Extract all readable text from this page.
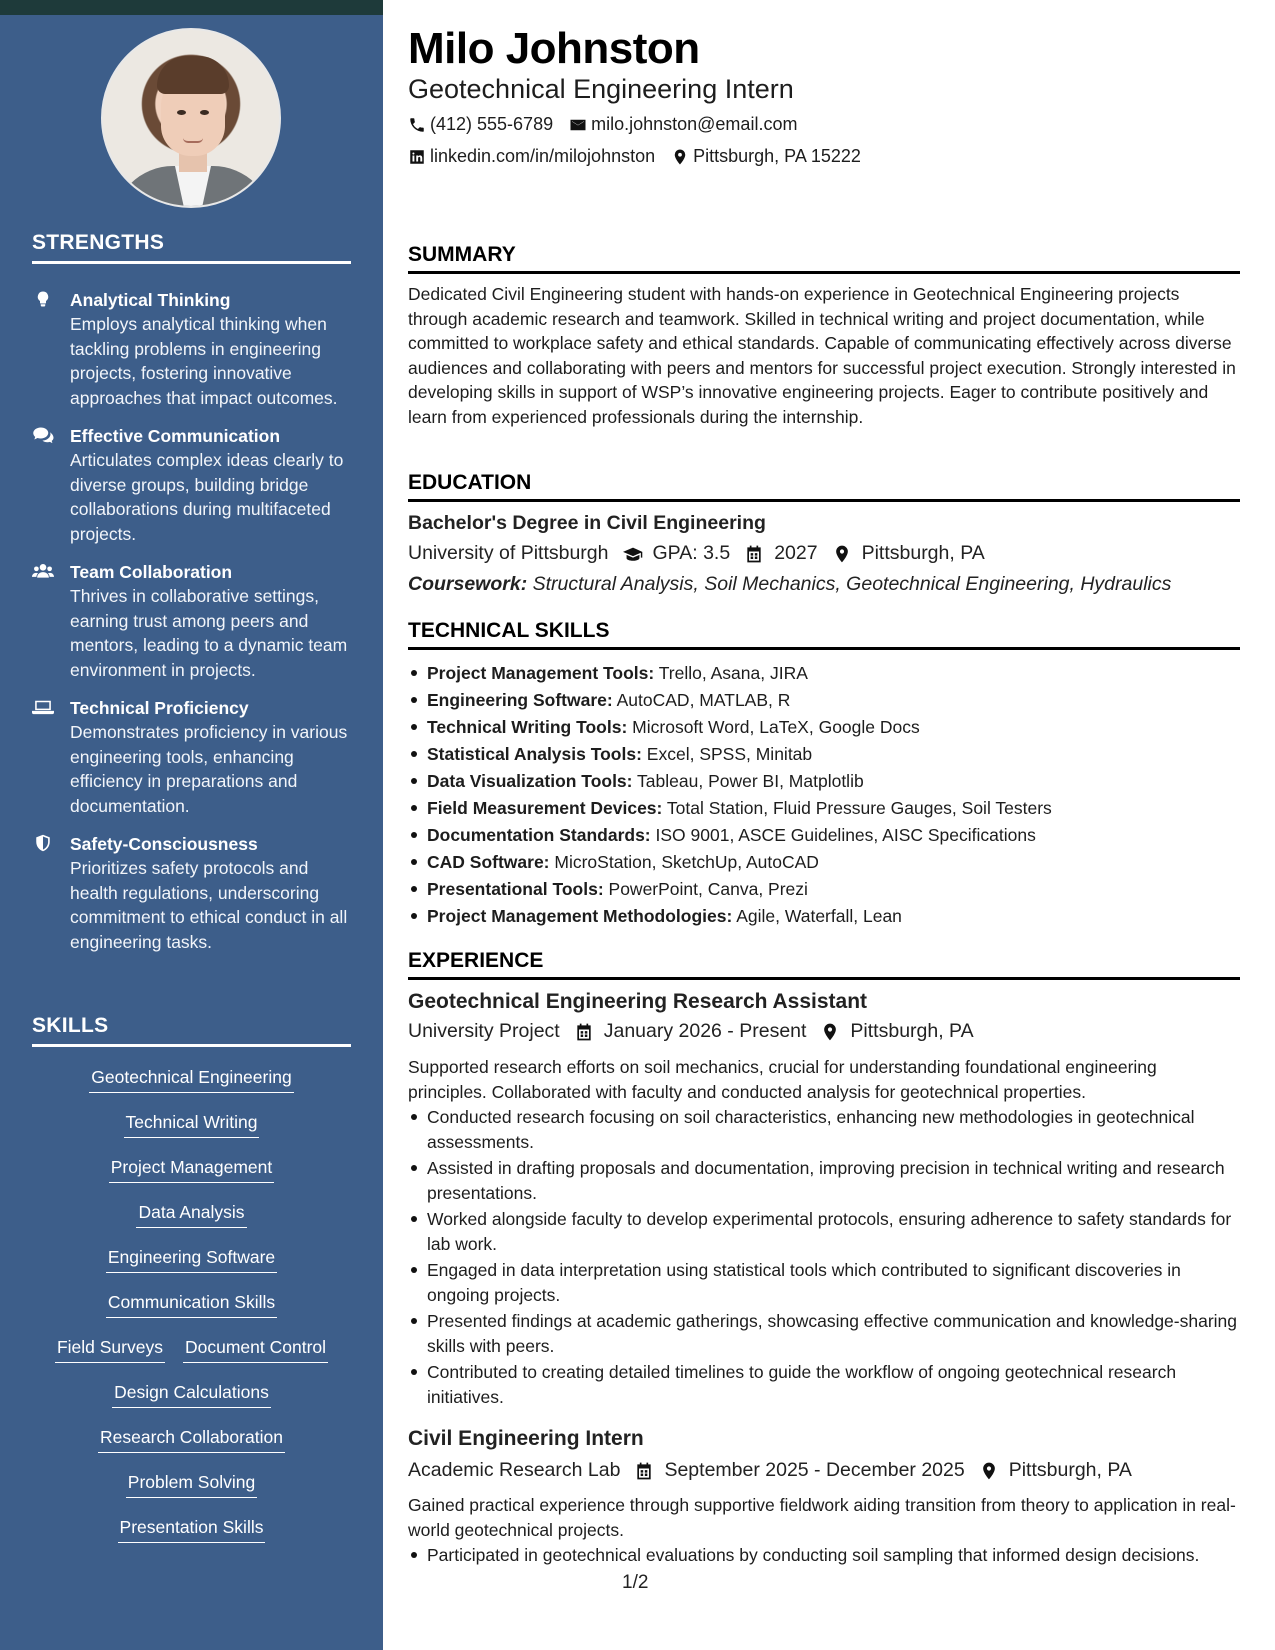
STRENGTHS
Analytical Thinking
Employs analytical thinking when tackling problems in engineering projects, fostering innovative approaches that impact outcomes.
Effective Communication
Articulates complex ideas clearly to diverse groups, building bridge collaborations during multifaceted projects.
Team Collaboration
Thrives in collaborative settings, earning trust among peers and mentors, leading to a dynamic team environment in projects.
Technical Proficiency
Demonstrates proficiency in various engineering tools, enhancing efficiency in preparations and documentation.
Safety-Consciousness
Prioritizes safety protocols and health regulations, underscoring commitment to ethical conduct in all engineering tasks.
SKILLS
Geotechnical Engineering
Technical Writing
Project Management
Data Analysis
Engineering Software
Communication Skills
Field Surveys Document Control
Design Calculations
Research Collaboration
Problem Solving
Presentation Skills
Milo Johnston
Geotechnical Engineering Intern
(412) 555-6789 milo.johnston@email.com
linkedin.com/in/milojohnston Pittsburgh, PA 15222
SUMMARY
Dedicated Civil Engineering student with hands-on experience in Geotechnical Engineering projects through academic research and teamwork. Skilled in technical writing and project documentation, while committed to workplace safety and ethical standards. Capable of communicating effectively across diverse audiences and collaborating with peers and mentors for successful project execution. Strongly interested in developing skills in support of WSP’s innovative engineering projects. Eager to contribute positively and learn from experienced professionals during the internship.
EDUCATION
Bachelor's Degree in Civil Engineering
University of Pittsburgh GPA: 3.5 2027 Pittsburgh, PA
Coursework: Structural Analysis, Soil Mechanics, Geotechnical Engineering, Hydraulics
TECHNICAL SKILLS
Project Management Tools: Trello, Asana, JIRA
Engineering Software: AutoCAD, MATLAB, R
Technical Writing Tools: Microsoft Word, LaTeX, Google Docs
Statistical Analysis Tools: Excel, SPSS, Minitab
Data Visualization Tools: Tableau, Power BI, Matplotlib
Field Measurement Devices: Total Station, Fluid Pressure Gauges, Soil Testers
Documentation Standards: ISO 9001, ASCE Guidelines, AISC Specifications
CAD Software: MicroStation, SketchUp, AutoCAD
Presentational Tools: PowerPoint, Canva, Prezi
Project Management Methodologies: Agile, Waterfall, Lean
EXPERIENCE
Geotechnical Engineering Research Assistant
University Project January 2026 - Present Pittsburgh, PA
Supported research efforts on soil mechanics, crucial for understanding foundational engineering principles. Collaborated with faculty and conducted analysis for geotechnical properties.
Conducted research focusing on soil characteristics, enhancing new methodologies in geotechnical assessments.
Assisted in drafting proposals and documentation, improving precision in technical writing and research presentations.
Worked alongside faculty to develop experimental protocols, ensuring adherence to safety standards for lab work.
Engaged in data interpretation using statistical tools which contributed to significant discoveries in ongoing projects.
Presented findings at academic gatherings, showcasing effective communication and knowledge-sharing skills with peers.
Contributed to creating detailed timelines to guide the workflow of ongoing geotechnical research initiatives.
Civil Engineering Intern
Academic Research Lab September 2025 - December 2025 Pittsburgh, PA
Gained practical experience through supportive fieldwork aiding transition from theory to application in real-world geotechnical projects.
Participated in geotechnical evaluations by conducting soil sampling that informed design decisions.
1/2
